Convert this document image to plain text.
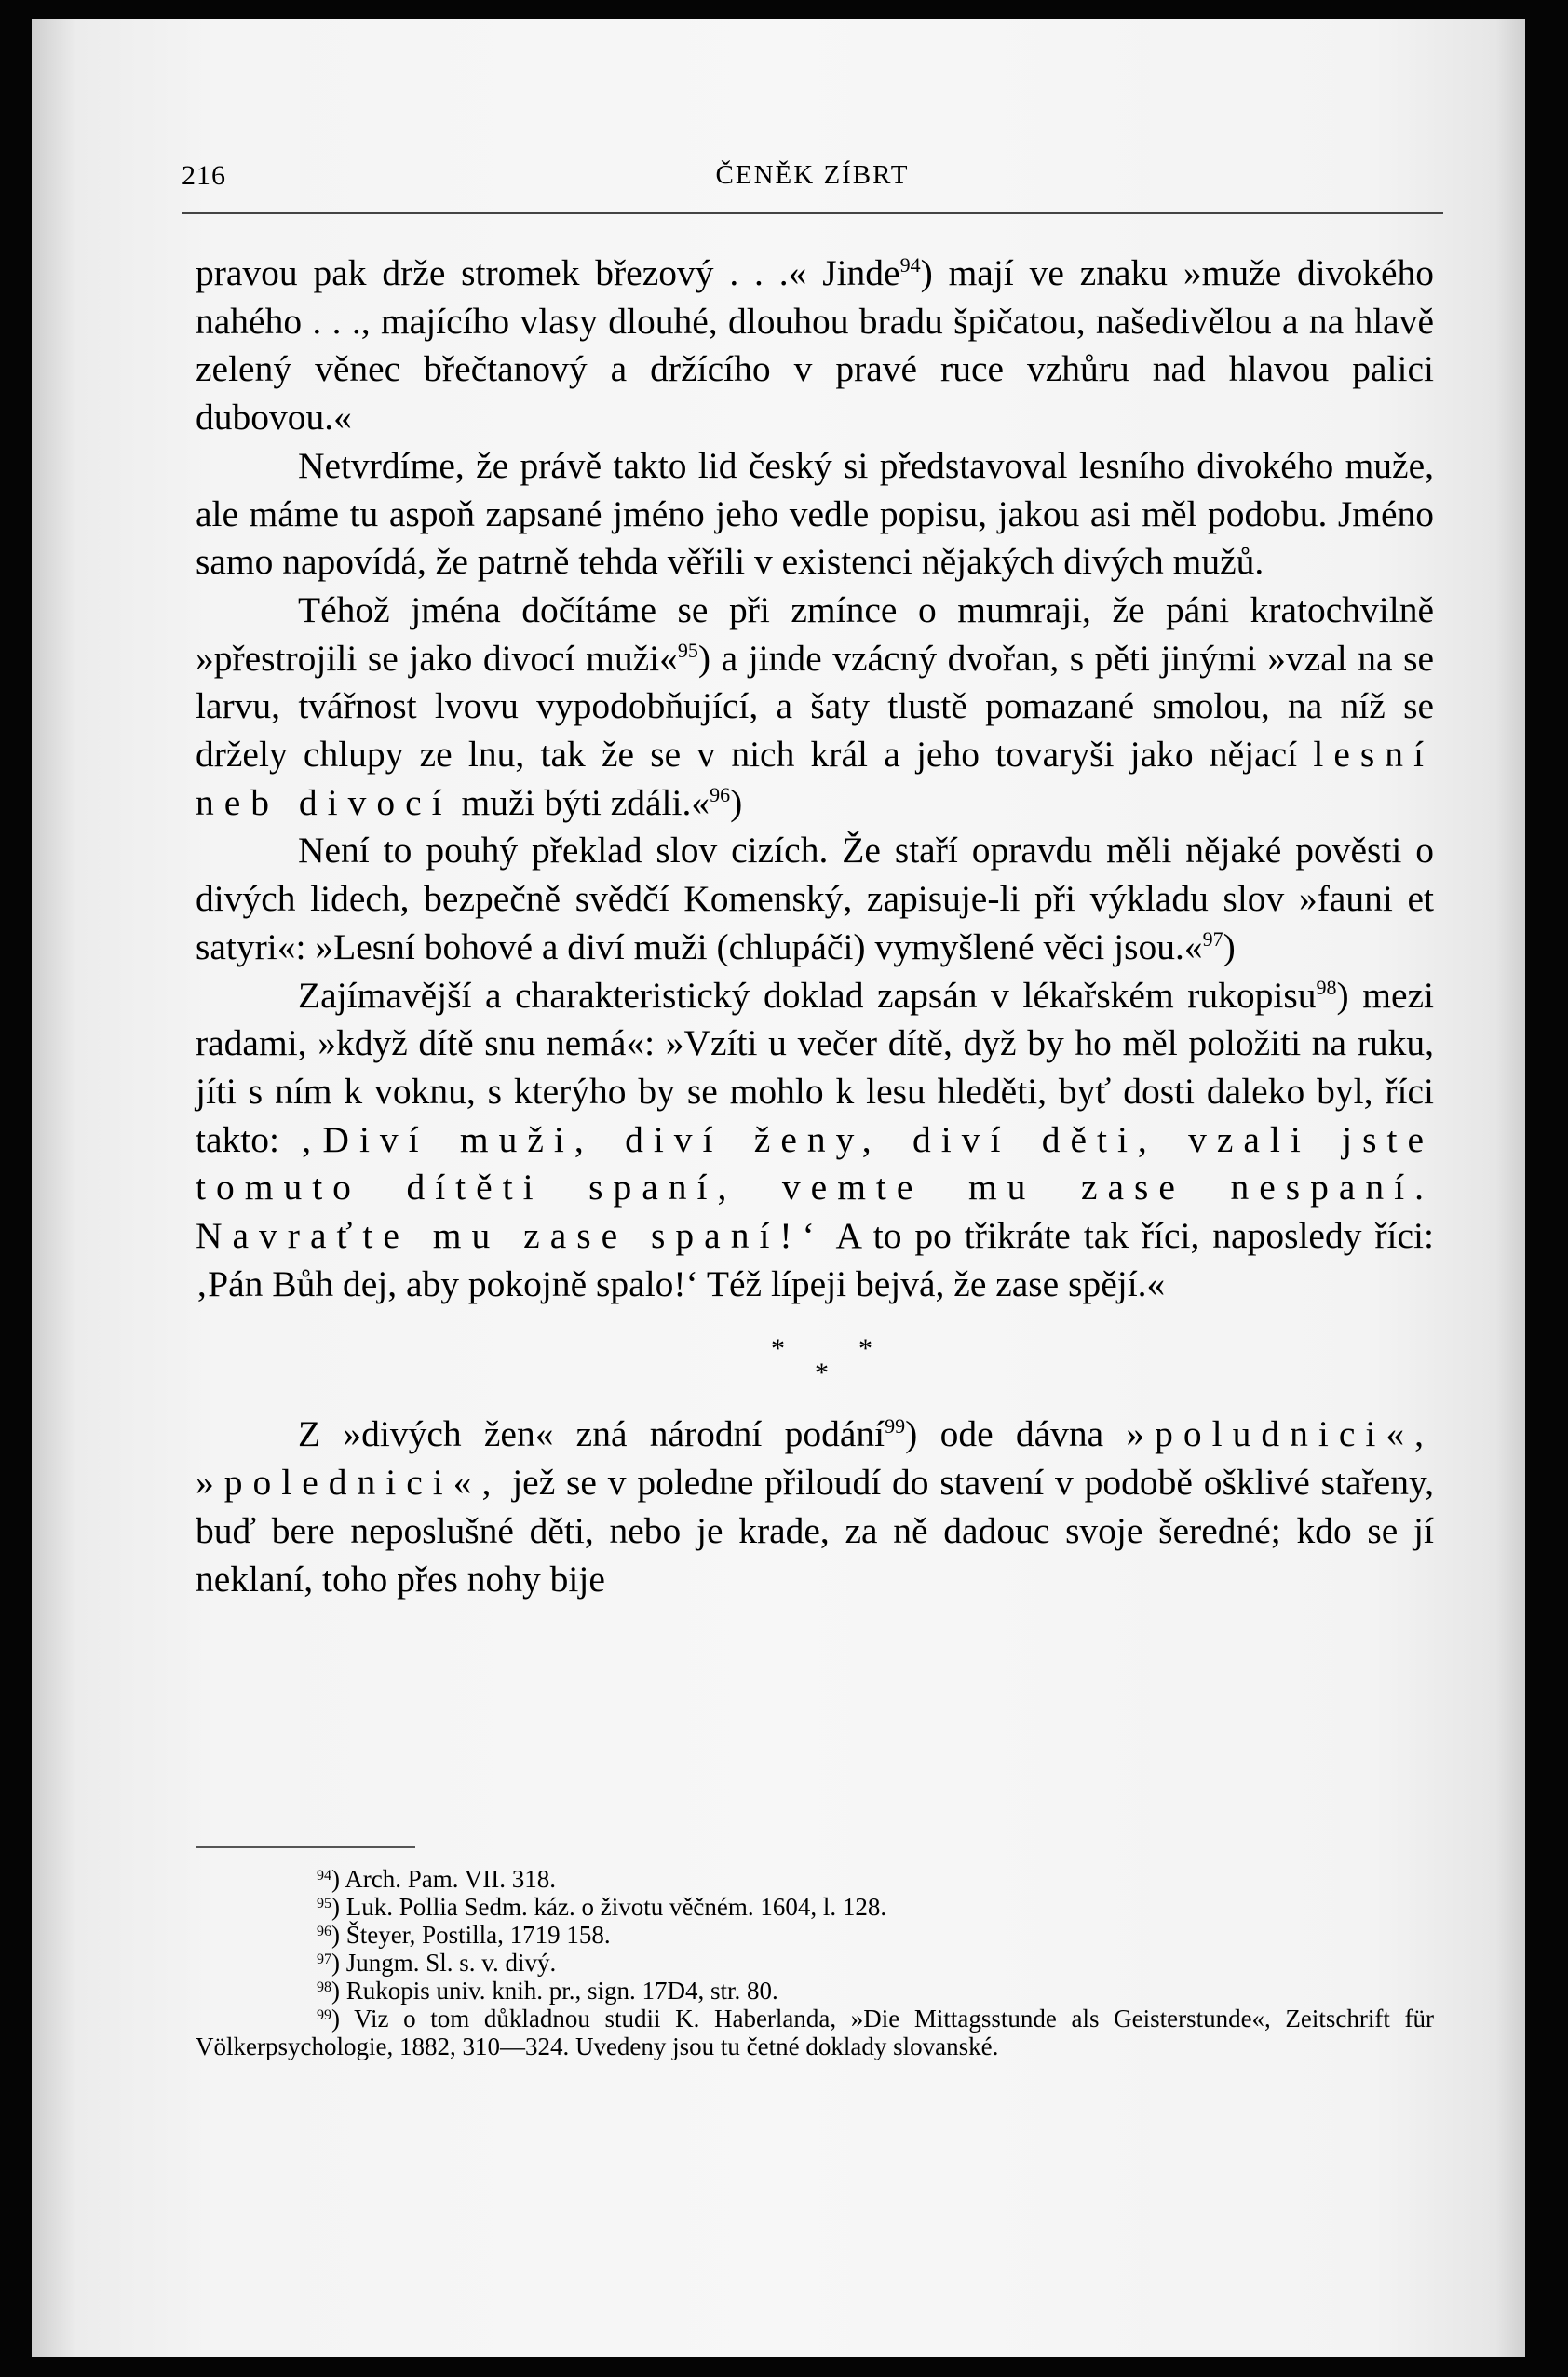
216	ČENĚK ZÍBRT

pravou pak drže stromek březový . . .« Jinde$^{94}$) mají ve znaku »muže divokého nahého . . ., majícího vlasy dlouhé, dlouhou bradu špičatou, našedivělou a na hlavě zelený věnec břečtanový a držícího v pravé ruce vzhůru nad hlavou palici dubovou.«

Netvrdíme, že právě takto lid český si představoval lesního divokého muže, ale máme tu aspoň zapsané jméno jeho vedle popisu, jakou asi měl podobu. Jméno samo napovídá, že patrně tehda věřili v existenci nějakých divých mužů.

Téhož jména dočítáme se při zmínce o mumraji, že páni kratochvilně »přestrojili se jako divocí muži«$^{95}$) a jinde vzácný dvořan, s pěti jinými »vzal na se larvu, tvářnost lvovu vypodobňující, a šaty tlustě pomazané smolou, na níž se držely chlupy ze lnu, tak že se v nich král a jeho tovaryši jako nějací lesní neb divocí muži býti zdáli.«$^{96}$)

Není to pouhý překlad slov cizích. Že staří opravdu měli nějaké pověsti o divých lidech, bezpečně svědčí Komenský, zapisuje-li při výkladu slov »fauni et satyri«: »Lesní bohové a diví muži (chlupáči) vymyšlené věci jsou.«$^{97}$)

Zajímavější a charakteristický doklad zapsán v lékařském rukopisu$^{98}$) mezi radami, »když dítě snu nemá«: »Vzíti u večer dítě, dyž by ho měl položiti na ruku, jíti s ním k voknu, s kterýho by se mohlo k lesu hleděti, byť dosti daleko byl, říci takto: ‚Diví muži, diví ženy, diví děti, vzali jste tomuto dítěti spaní, vemte mu zase nespaní. Navraťte mu zase spaní!‘ A to po třikráte tak říci, naposledy říci: ‚Pán Bůh dej, aby pokojně spalo!‘ Též lípeji bejvá, že zase spějí.«

*	*
*

Z »divých žen« zná národní podání$^{99}$) ode dávna »poludnici«, »polednici«, jež se v poledne přiloudí do stavení v podobě ošklivé stařeny, buď bere neposlušné děti, nebo je krade, za ně dadouc svoje šeredné; kdo se jí neklaní, toho přes nohy bije

$^{94}$) Arch. Pam. VII. 318.

$^{95}$) Luk. Pollia Sedm. káz. o životu věčném. 1604, l. 128.

$^{96}$) Šteyer, Postilla, 1719 158.

$^{97}$) Jungm. Sl. s. v. divý.

$^{98}$) Rukopis univ. knih. pr., sign. 17D4, str. 80.

$^{99}$) Viz o tom důkladnou studii K. Haberlanda, »Die Mittagsstunde als Geisterstunde«, Zeitschrift für Völkerpsychologie, 1882, 310—324. Uvedeny jsou tu četné doklady slovanské.
